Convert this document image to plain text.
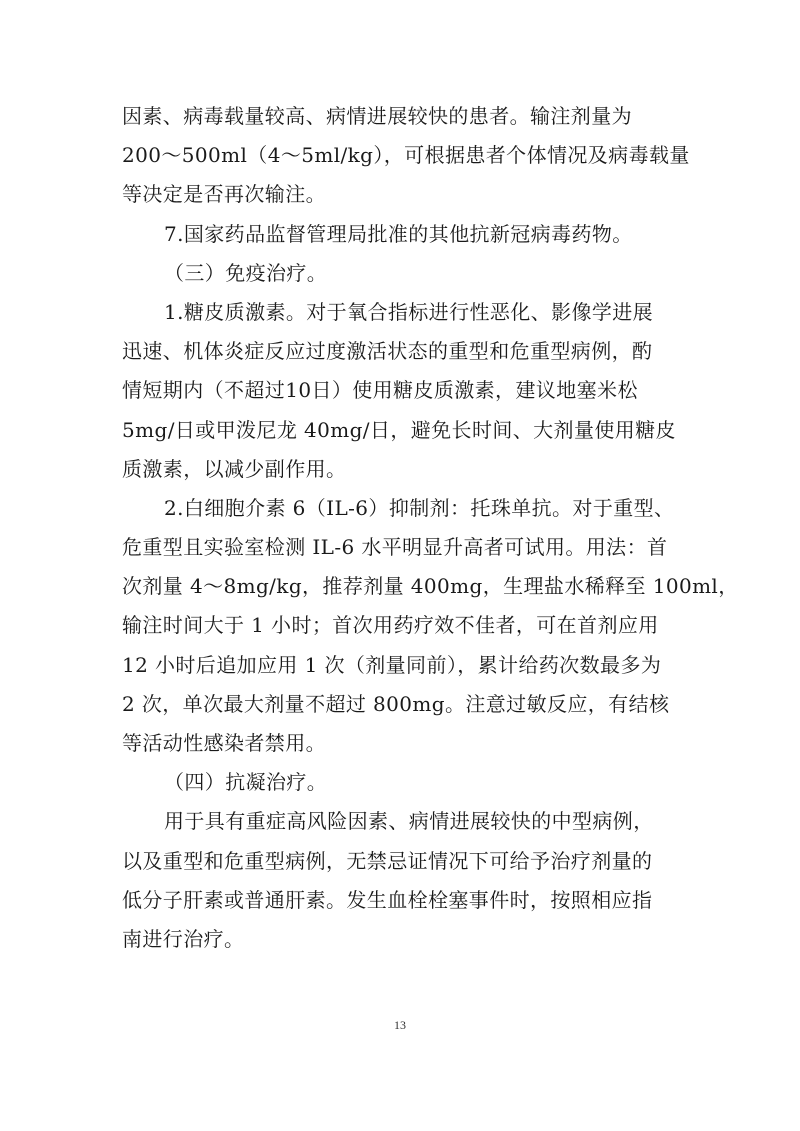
因素、病毒载量较高、病情进展较快的患者。输注剂量为
200～500ml（4～5ml/kg），可根据患者个体情况及病毒载量
等决定是否再次输注。
7.国家药品监督管理局批准的其他抗新冠病毒药物。
（三）免疫治疗。
1.糖皮质激素。对于氧合指标进行性恶化、影像学进展
迅速、机体炎症反应过度激活状态的重型和危重型病例，酌
情短期内（不超过10日）使用糖皮质激素，建议地塞米松
5mg/日或甲泼尼龙 40mg/日，避免长时间、大剂量使用糖皮
质激素，以减少副作用。
2.白细胞介素 6（IL-6）抑制剂：托珠单抗。对于重型、
危重型且实验室检测 IL-6 水平明显升高者可试用。用法：首
次剂量 4～8mg/kg，推荐剂量 400mg，生理盐水稀释至 100ml，
输注时间大于 1 小时；首次用药疗效不佳者，可在首剂应用
12 小时后追加应用 1 次（剂量同前），累计给药次数最多为
2 次，单次最大剂量不超过 800mg。注意过敏反应，有结核
等活动性感染者禁用。
（四）抗凝治疗。
用于具有重症高风险因素、病情进展较快的中型病例，
以及重型和危重型病例，无禁忌证情况下可给予治疗剂量的
低分子肝素或普通肝素。发生血栓栓塞事件时，按照相应指
南进行治疗。
13
